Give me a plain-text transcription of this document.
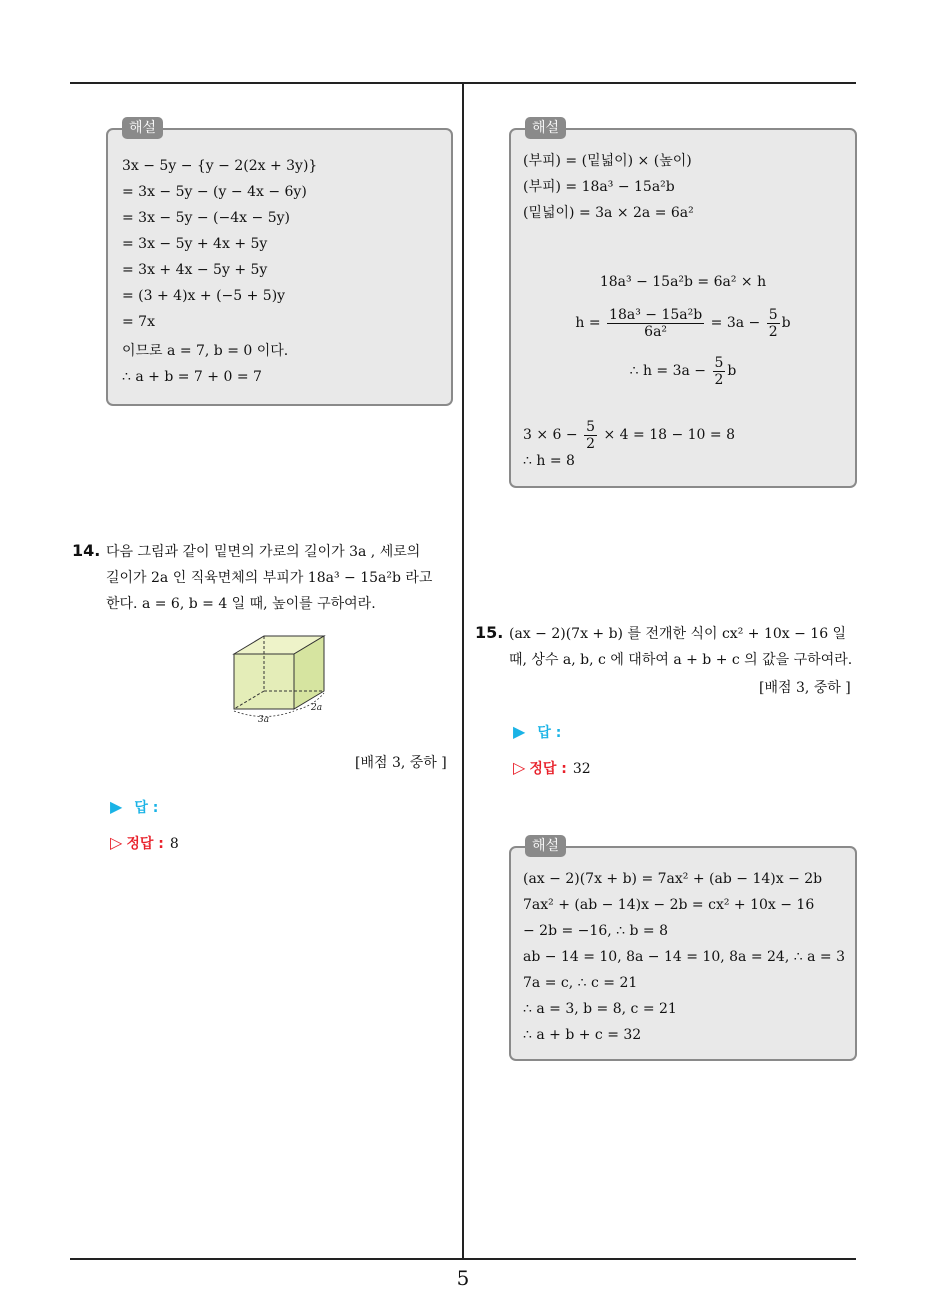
해설
3x − 5y − {y − 2(2x + 3y)}
= 3x − 5y − (y − 4x − 6y)
= 3x − 5y − (−4x − 5y)
= 3x − 5y + 4x + 5y
= 3x + 4x − 5y + 5y
= (3 + 4)x + (−5 + 5)y
= 7x
이므로 a = 7, b = 0 이다.
∴ a + b = 7 + 0 = 7
해설
(부피) = (밑넓이) × (높이)
(부피) = 18a³ − 15a²b
(밑넓이) = 3a × 2a = 6a²
18a³ − 15a²b = 6a² × h
$h = \frac{\text{18a³ − 15a²b}}{\text{6a²}} = 3a - \frac{5}{2}$ b
∴ $h = 3a - \frac{5}{2}$ b
$3 \times 6 - \frac{5}{2} \times 4 = 18 - 10 = 8$
∴ h = 8
14. 다음 그림과 같이 밑면의 가로의 길이가 3a , 세로의
길이가 2a 인 직육면체의 부피가 18a³ − 15a²b 라고
한다. a = 6, b = 4 일 때, 높이를 구하여라.
3a
2a
[배점 3, 중하 ]
▶ 답 :
▷ 정답 : 8
15. (ax − 2)(7x + b) 를 전개한 식이 cx² + 10x − 16 일
때, 상수 a, b, c 에 대하여 a + b + c 의 값을 구하여라.
[배점 3, 중하 ]
▶ 답 :
▷ 정답 : 32
해설
(ax − 2)(7x + b) = 7ax² + (ab − 14)x − 2b
7ax² + (ab − 14)x − 2b = cx² + 10x − 16
− 2b = −16, ∴ b = 8
ab − 14 = 10, 8a − 14 = 10, 8a = 24, ∴ a = 3
7a = c, ∴ c = 21
∴ a = 3, b = 8, c = 21
∴ a + b + c = 32
5
